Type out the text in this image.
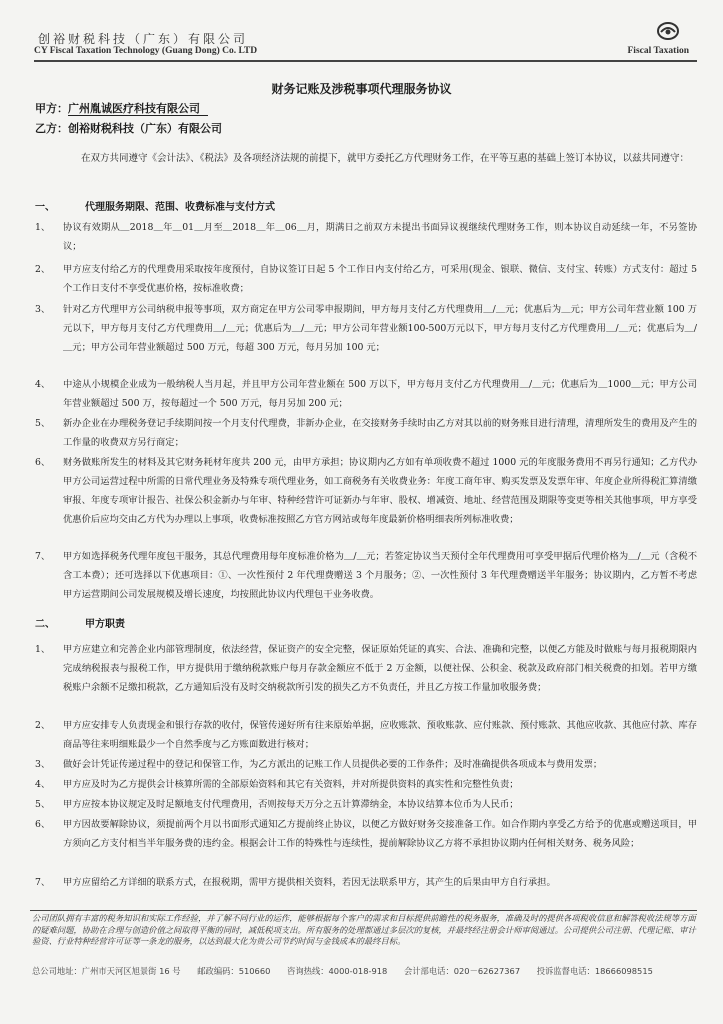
创裕财税科技（广东）有限公司
CY Fiscal Taxation Technology (Guang Dong) Co. LTD	Fiscal Taxation
财务记账及涉税事项代理服务协议
甲方：广州胤诚医疗科技有限公司
乙方：创裕财税科技（广东）有限公司
在双方共同遵守《会计法》、《税法》及各项经济法规的前提下，就甲方委托乙方代理财务工作，在平等互惠的基础上签订本协议，以兹共同遵守：
一、	代理服务期限、范围、收费标准与支付方式
1、	协议有效期从＿2018＿年＿01＿月至＿2018＿年＿06＿月，期满日之前双方未提出书面异议视继续代理财务工作，则本协议自动延续一年，不另签协议；
2、	甲方应支付给乙方的代理费用采取按年度预付，自协议签订日起 5 个工作日内支付给乙方，可采用(现金、银联、微信、支付宝、转账）方式支付：超过 5 个工作日支付不享受优惠价格，按标准收费；
3、	针对乙方代理甲方公司纳税申报等事项，双方商定在甲方公司零申报期间，甲方每月支付乙方代理费用＿/＿元；优惠后为＿元；甲方公司年营业额 100 万元以下，甲方每月支付乙方代理费用＿/＿元；优惠后为＿/＿元；甲方公司年营业额100-500万元以下，甲方每月支付乙方代理费用＿/＿元；优惠后为＿/＿元；甲方公司年营业额超过 500 万元，每超 300 万元，每月另加 100 元；
4、	中途从小规模企业成为一般纳税人当月起，并且甲方公司年营业额在 500 万以下，甲方每月支付乙方代理费用＿/＿元；优惠后为＿1000＿元；甲方公司年营业额超过 500 万，按每超过一个 500 万元，每月另加 200 元；
5、	新办企业在办理税务登记手续期间按一个月支付代理费，非新办企业，在交接财务手续时由乙方对其以前的财务账目进行清理，清理所发生的费用及产生的工作量的收费双方另行商定；
6、	财务做账所发生的材料及其它财务耗材年度共 200 元，由甲方承担；协议期内乙方如有单项收费不超过 1000 元的年度服务费用不再另行通知；乙方代办甲方公司运营过程中所需的日常代理业务及特殊专项代理业务，如工商税务有关收费业务：年度工商年审、购买发票及发票年审、年度企业所得税汇算清缴审报、年度专项审计报告、社保公积金新办与年审、特种经营许可证新办与年审、股权、增减资、地址、经营范围及期限等变更等相关其他事项，甲方享受优惠价后应均交由乙方代为办理以上事项，收费标准按照乙方官方网站或每年度最新价格明细表所列标准收费；
7、	甲方如选择税务代理年度包干服务，其总代理费用每年度标准价格为＿/＿元；若签定协议当天预付全年代理费用可享受甲据后代理价格为＿/＿元（含税不含工本费）；还可选择以下优惠项目：①、一次性预付 2 年代理费赠送 3 个月服务；②、一次性预付 3 年代理费赠送半年服务；协议期内，乙方暂不考虑甲方运营期间公司发展规模及增长速度，均按照此协议内代理包干业务收费。
二、	甲方职责
1、	甲方应建立和完善企业内部管理制度，依法经营，保证资产的安全完整，保证原始凭证的真实、合法、准确和完整，以便乙方能及时做账与每月报税期限内完成纳税报表与报税工作，甲方提供用于缴纳税款账户每月存款金额应不低于 2 万金额，以便社保、公积金、税款及政府部门相关税费的扣划。若甲方缴税账户余额不足缴扣税款，乙方通知后没有及时交纳税款所引发的损失乙方不负责任，并且乙方按工作量加收服务费；
2、	甲方应安排专人负责现金和银行存款的收付，保管传递好所有往来原始单据，应收账款、预收账款、应付账款、预付账款、其他应收款、其他应付款、库存商品等往来明细账最少一个自然季度与乙方账面数进行核对；
3、	做好会计凭证传递过程中的登记和保管工作，为乙方派出的记账工作人员提供必要的工作条件；及时准确提供各项成本与费用发票；
4、	甲方应及时为乙方提供会计核算所需的全部原始资料和其它有关资料，并对所提供资料的真实性和完整性负责；
5、	甲方应按本协议规定及时足额地支付代理费用，否则按每天万分之五计算滞纳金，本协议结算本位币为人民币；
6、	甲方因故要解除协议，须提前两个月以书面形式通知乙方提前终止协议，以便乙方做好财务交接准备工作。如合作期内享受乙方给予的优惠或赠送项目，甲方须向乙方支付相当半年服务费的违约金。根据会计工作的特殊性与连续性，提前解除协议乙方将不承担协议期内任何相关财务、税务风险；
7、	甲方应留给乙方详细的联系方式，在报税期，需甲方提供相关资料，若因无法联系甲方，其产生的后果由甲方自行承担。
公司团队拥有丰富的税务知识和实际工作经验，并了解不同行业的运作，能够根据每个客户的需求和目标提供前瞻性的税务服务，准确及时的提供各项税收信息和解答税收法规等方面的疑难问题，协助在合理与创造价值之间取得平衡的同时，减低税项支出。所有服务的处理都通过多层次的复核，并最终经注册会计师审阅通过。公司提供公司注册、代理记账、审计验资、行业特种经营许可证等一条龙的服务，以达到最大化为贵公司节约时间与金钱成本的最终目标。
总公司地址：广州市天河区旭景街 16 号 邮政编码：510660 咨询热线：4000-018-918 会计部电话：020－62627367 投诉监督电话：18666098515
